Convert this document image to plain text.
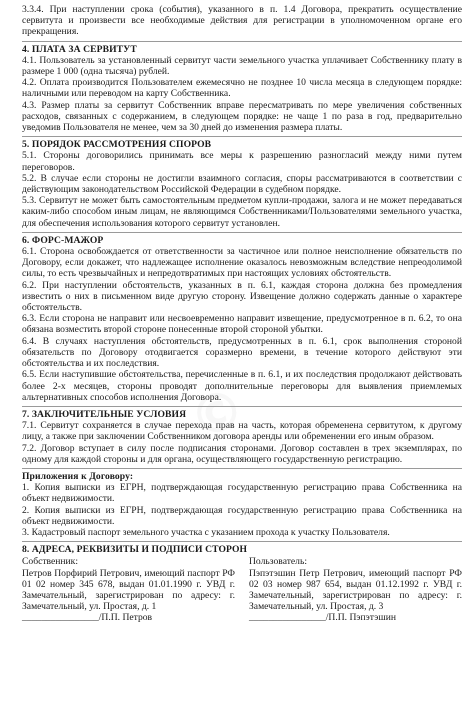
3.3.4. При наступлении срока (события), указанного в п. 1.4 Договора, прекратить осуществление сервитута и произвести все необходимые действия для регистрации в уполномоченном органе его прекращения.

4. ПЛАТА ЗА СЕРВИТУТ

4.1. Пользователь за установленный сервитут части земельного участка уплачивает Собственнику плату в размере 1 000 (одна тысяча) рублей.

4.2. Оплата производится Пользователем ежемесячно не позднее 10 числа месяца в следующем порядке: наличными или переводом на карту Собственника.

4.3. Размер платы за сервитут Собственник вправе пересматривать по мере увеличения собственных расходов, связанных с содержанием, в следующем порядке: не чаще 1 по раза в год, предварительно уведомив Пользователя не менее, чем за 30 дней до изменения размера платы.

5. ПОРЯДОК РАССМОТРЕНИЯ СПОРОВ

5.1. Стороны договорились принимать все меры к разрешению разногласий между ними путем переговоров.

5.2. В случае если стороны не достигли взаимного согласия, споры рассматриваются в соответствии с действующим законодательством Российской Федерации в судебном порядке.

5.3. Сервитут не может быть самостоятельным предметом купли-продажи, залога и не может передаваться каким-либо способом иным лицам, не являющимся Собственниками/Пользователями земельного участка, для обеспечения использования которого сервитут установлен.

6. ФОРС-МАЖОР

6.1. Сторона освобождается от ответственности за частичное или полное неисполнение обязательств по Договору, если докажет, что надлежащее исполнение оказалось невозможным вследствие непреодолимой силы, то есть чрезвычайных и непредотвратимых при настоящих условиях обстоятельств.

6.2. При наступлении обстоятельств, указанных в п. 6.1, каждая сторона должна без промедления известить о них в письменном виде другую сторону. Извещение должно содержать данные о характере обстоятельств.

6.3. Если сторона не направит или несвоевременно направит извещение, предусмотренное в п. 6.2, то она обязана возместить второй стороне понесенные второй стороной убытки.

6.4. В случаях наступления обстоятельств, предусмотренных в п. 6.1, срок выполнения стороной обязательств по Договору отодвигается соразмерно времени, в течение которого действуют эти обстоятельства и их последствия.

6.5. Если наступившие обстоятельства, перечисленные в п. 6.1, и их последствия продолжают действовать более 2-х месяцев, стороны проводят дополнительные переговоры для выявления приемлемых альтернативных способов исполнения Договора.

7. ЗАКЛЮЧИТЕЛЬНЫЕ УСЛОВИЯ

7.1. Сервитут сохраняется в случае перехода прав на часть, которая обременена сервитутом, к другому лицу, а также при заключении Собственником договора аренды или обременении его иным образом.

7.2. Договор вступает в силу после подписания сторонами. Договор составлен в трех экземплярах, по одному для каждой стороны и для органа, осуществляющего государственную регистрацию.

Приложения к Договору:

1. Копия выписки из ЕГРН, подтверждающая государственную регистрацию права Собственника на объект недвижимости.

2. Копия выписки из ЕГРН, подтверждающая государственную регистрацию права Собственника на объект недвижимости.

3. Кадастровый паспорт земельного участка с указанием прохода к участку Пользователя.

8. АДРЕСА, РЕКВИЗИТЫ И ПОДПИСИ СТОРОН

Собственник:

Петров Порфирий Петрович, имеющий паспорт РФ 01 02 номер 345 678, выдан 01.01.1990 г. УВД г. Замечательный, зарегистрирован по адресу: г. Замечательный, ул. Простая, д. 1

________________/П.П. Петров

Пользователь:

Пэпэтэшин Петр Петрович, имеющий паспорт РФ 02 03 номер 987 654, выдан 01.12.1992 г. УВД г. Замечательный, зарегистрирован по адресу: г. Замечательный, ул. Простая, д. 3

________________/П.П. Пэпэтэшин

©
